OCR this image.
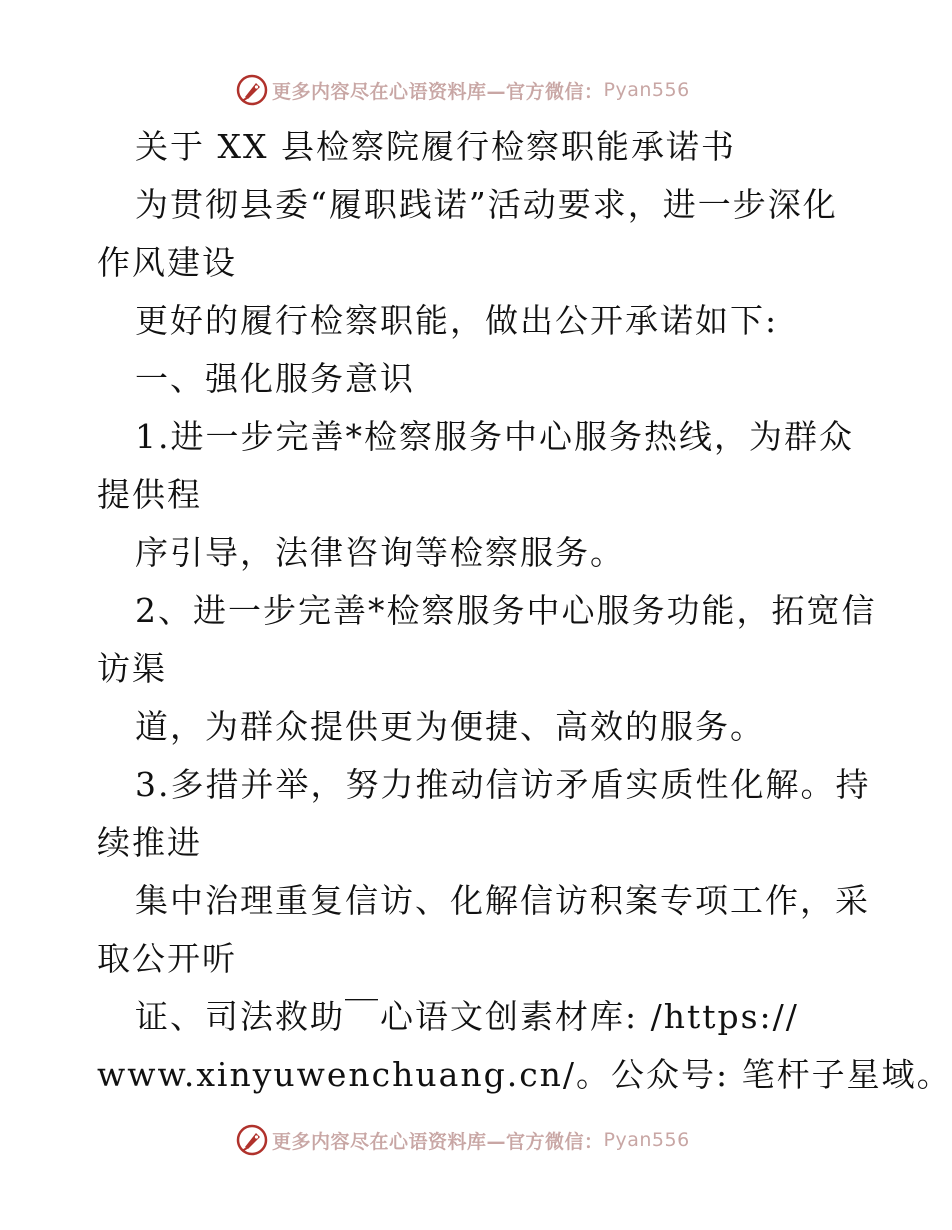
更多内容尽在心语资料库—官方微信： Pyan556
关于 XX 县检察院履行检察职能承诺书
为贯彻县委“履职践诺”活动要求，进一步深化
作风建设
更好的履行检察职能，做出公开承诺如下:
一、强化服务意识
1.进一步完善*检察服务中心服务热线，为群众
提供程
序引导，法律咨询等检察服务。
2、进一步完善*检察服务中心服务功能，拓宽信
访渠
道，为群众提供更为便捷、高效的服务。
3.多措并举，努力推动信访矛盾实质性化解。持
续推进
集中治理重复信访、化解信访积案专项工作，采
取公开听
证、司法救助￣心语文创素材库: /https://
www.xinyuwenchuang.cn/。公众号: 笔杆子星域。
更多内容尽在心语资料库—官方微信： Pyan556
